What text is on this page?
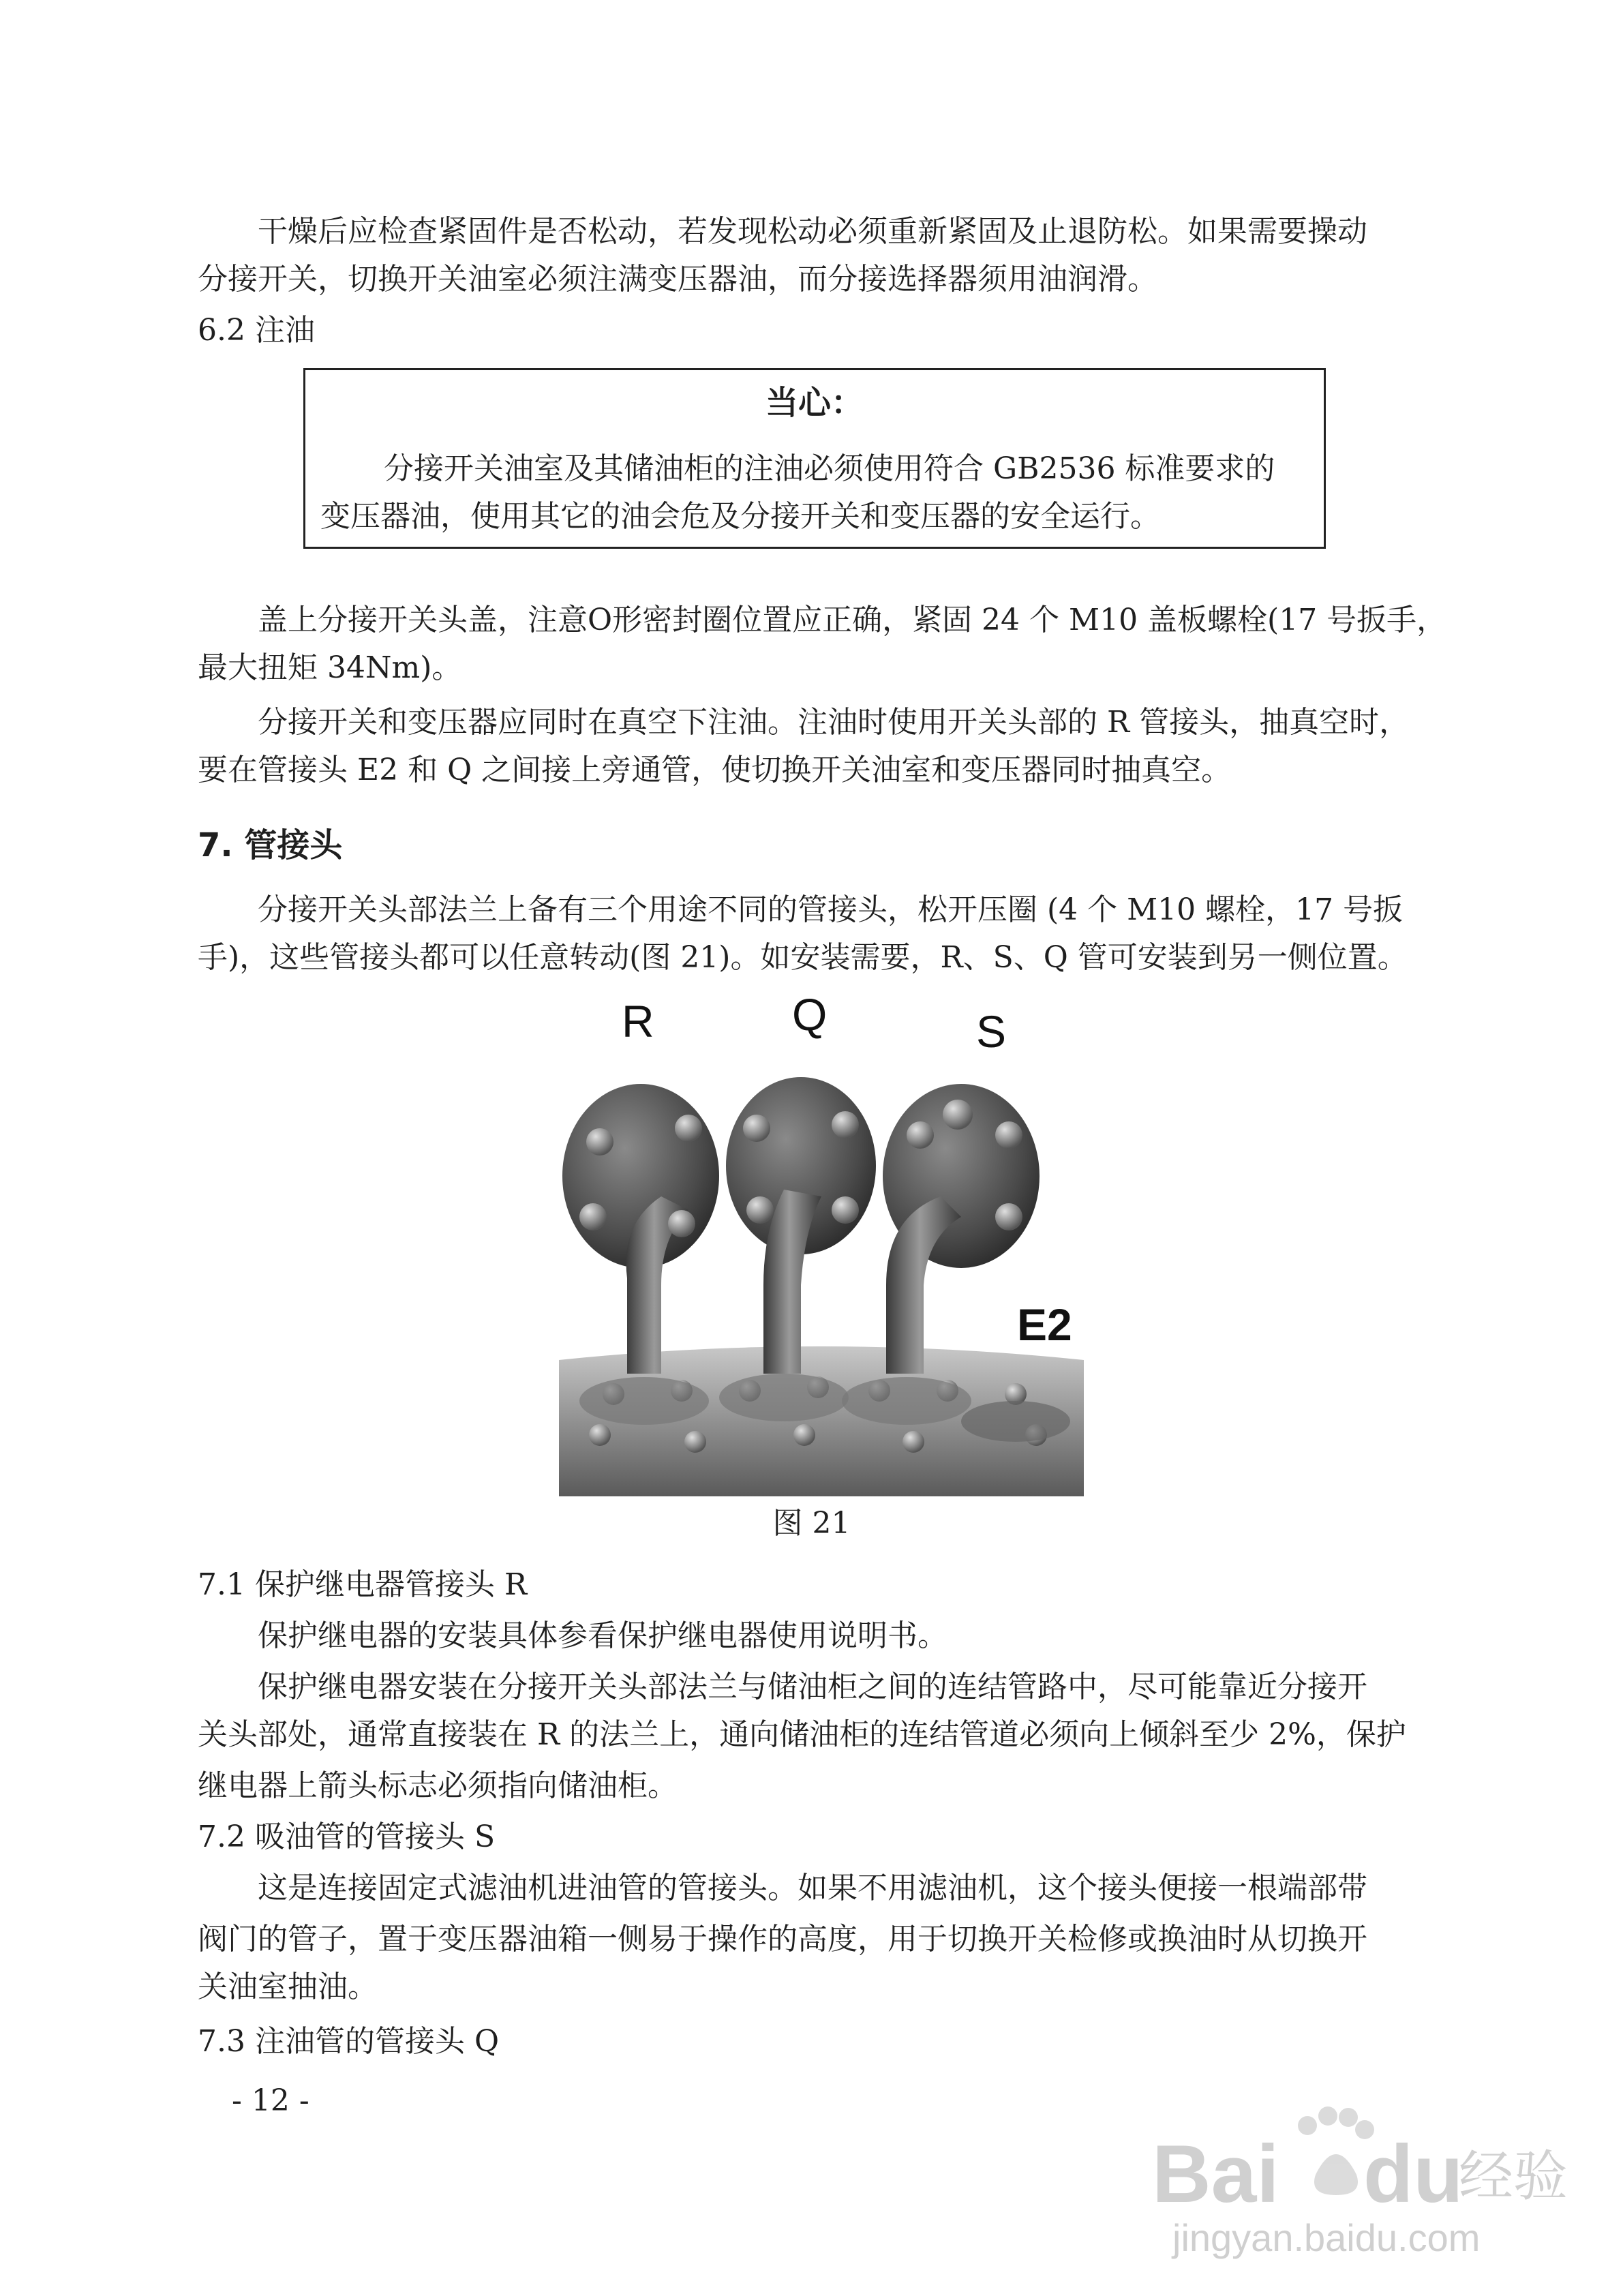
干燥后应检查紧固件是否松动，若发现松动必须重新紧固及止退防松。如果需要操动
分接开关，切换开关油室必须注满变压器油，而分接选择器须用油润滑。
6.2 注油
当心：
分接开关油室及其储油柜的注油必须使用符合 GB2536 标准要求的
变压器油，使用其它的油会危及分接开关和变压器的安全运行。
盖上分接开关头盖，注意O形密封圈位置应正确，紧固 24 个 M10 盖板螺栓(17 号扳手，
最大扭矩 34Nm)。
分接开关和变压器应同时在真空下注油。注油时使用开关头部的 R 管接头，抽真空时，
要在管接头 E2 和 Q 之间接上旁通管，使切换开关油室和变压器同时抽真空。
7. 管接头
分接开关头部法兰上备有三个用途不同的管接头，松开压圈 (4 个 M10 螺栓，17 号扳
手)，这些管接头都可以任意转动(图 21)。如安装需要，R、S、Q 管可安装到另一侧位置。
R	Q	S
E2
图 21
7.1 保护继电器管接头 R
保护继电器的安装具体参看保护继电器使用说明书。
保护继电器安装在分接开关头部法兰与储油柜之间的连结管路中，尽可能靠近分接开
关头部处，通常直接装在 R 的法兰上，通向储油柜的连结管道必须向上倾斜至少 2%，保护
继电器上箭头标志必须指向储油柜。
7.2 吸油管的管接头 S
这是连接固定式滤油机进油管的管接头。如果不用滤油机，这个接头便接一根端部带
阀门的管子，置于变压器油箱一侧易于操作的高度，用于切换开关检修或换油时从切换开
关油室抽油。
7.3 注油管的管接头 Q
- 12 -
Bai du
经验
jingyan.baidu.com
